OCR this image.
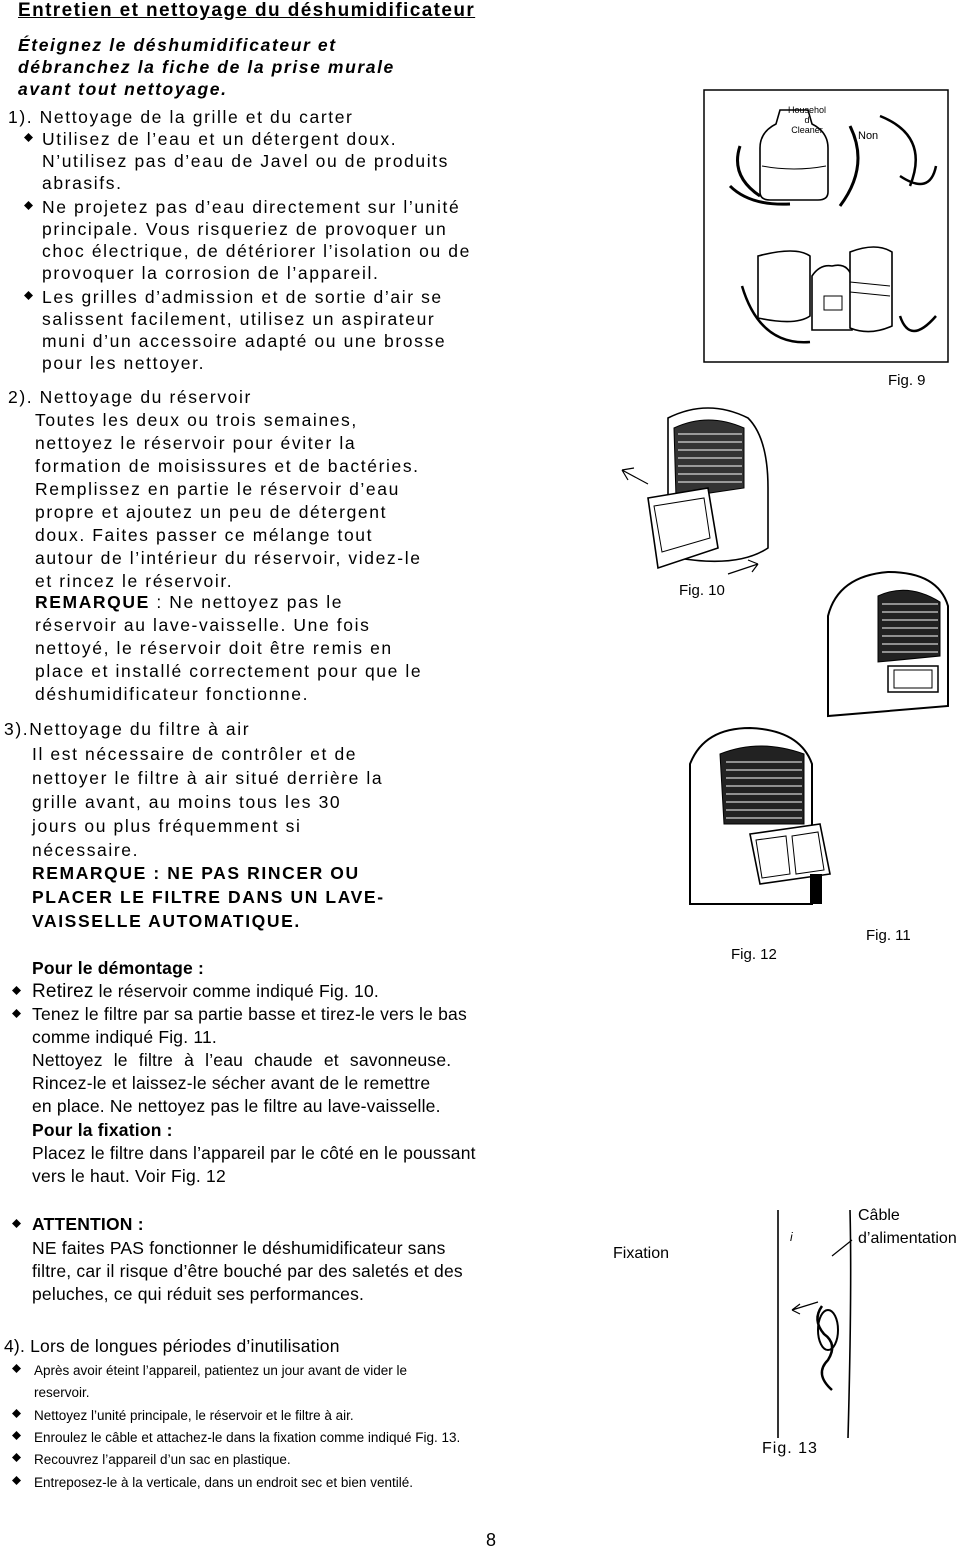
Entretien et nettoyage du déshumidificateur
Éteignez le déshumidificateur et
débranchez la fiche de la prise murale
avant tout nettoyage.
1). Nettoyage de la grille et du carter
Utilisez de l’eau et un détergent doux.
N’utilisez pas d’eau de Javel ou de produits
abrasifs.
Ne projetez pas d’eau directement sur l’unité
principale. Vous risqueriez de provoquer un
choc électrique, de détériorer l’isolation ou de
provoquer la corrosion de l’appareil.
Les grilles d’admission et de sortie d’air se
salissent facilement, utilisez un aspirateur
muni d’un accessoire adapté ou une brosse
pour les nettoyer.
2). Nettoyage du réservoir
Toutes les deux ou trois semaines,
nettoyez le réservoir pour éviter la
formation de moisissures et de bactéries.
Remplissez en partie le réservoir d’eau
propre et ajoutez un peu de détergent
doux. Faites passer ce mélange tout
autour de l’intérieur du réservoir, videz-le
et rincez le réservoir.
REMARQUE : Ne nettoyez pas le
réservoir au lave-vaisselle. Une fois
nettoyé, le réservoir doit être remis en
place et installé correctement pour que le
déshumidificateur fonctionne.
3).Nettoyage du filtre à air
Il est nécessaire de contrôler et de
nettoyer le filtre à air situé derrière la
grille avant, au moins tous les 30
jours ou plus fréquemment si
nécessaire.
REMARQUE : NE PAS RINCER OU
PLACER LE FILTRE DANS UN LAVE-
VAISSELLE AUTOMATIQUE.
Pour le démontage :
Retirez le réservoir comme indiqué Fig. 10.
Tenez le filtre par sa partie basse et tirez-le vers le bas
comme indiqué Fig. 11.
Nettoyez le filtre à l’eau chaude et savonneuse.
Rincez-le et laissez-le sécher avant de le remettre
en place. Ne nettoyez pas le filtre au lave-vaisselle.
Pour la fixation :
Placez le filtre dans l’appareil par le côté en le poussant
vers le haut. Voir Fig. 12
ATTENTION :
NE faites PAS fonctionner le déshumidificateur sans
filtre, car il risque d’être bouché par des saletés et des
peluches, ce qui réduit ses performances.
4). Lors de longues périodes d’inutilisation
Après avoir éteint l’appareil, patientez un jour avant de vider le
reservoir.
Nettoyez l’unité principale, le réservoir et le filtre à air.
Enroulez le câble et attachez-le dans la fixation comme indiqué Fig. 13.
Recouvrez l’appareil d’un sac en plastique.
Entreposez-le à la verticale, dans un endroit sec et bien ventilé.
Househol
d
Cleaner	Non
Fig. 9
Fig. 10
Fig. 11
Fig. 12
i
Fixation
Câble
d’alimentation
Fig. 13
8
